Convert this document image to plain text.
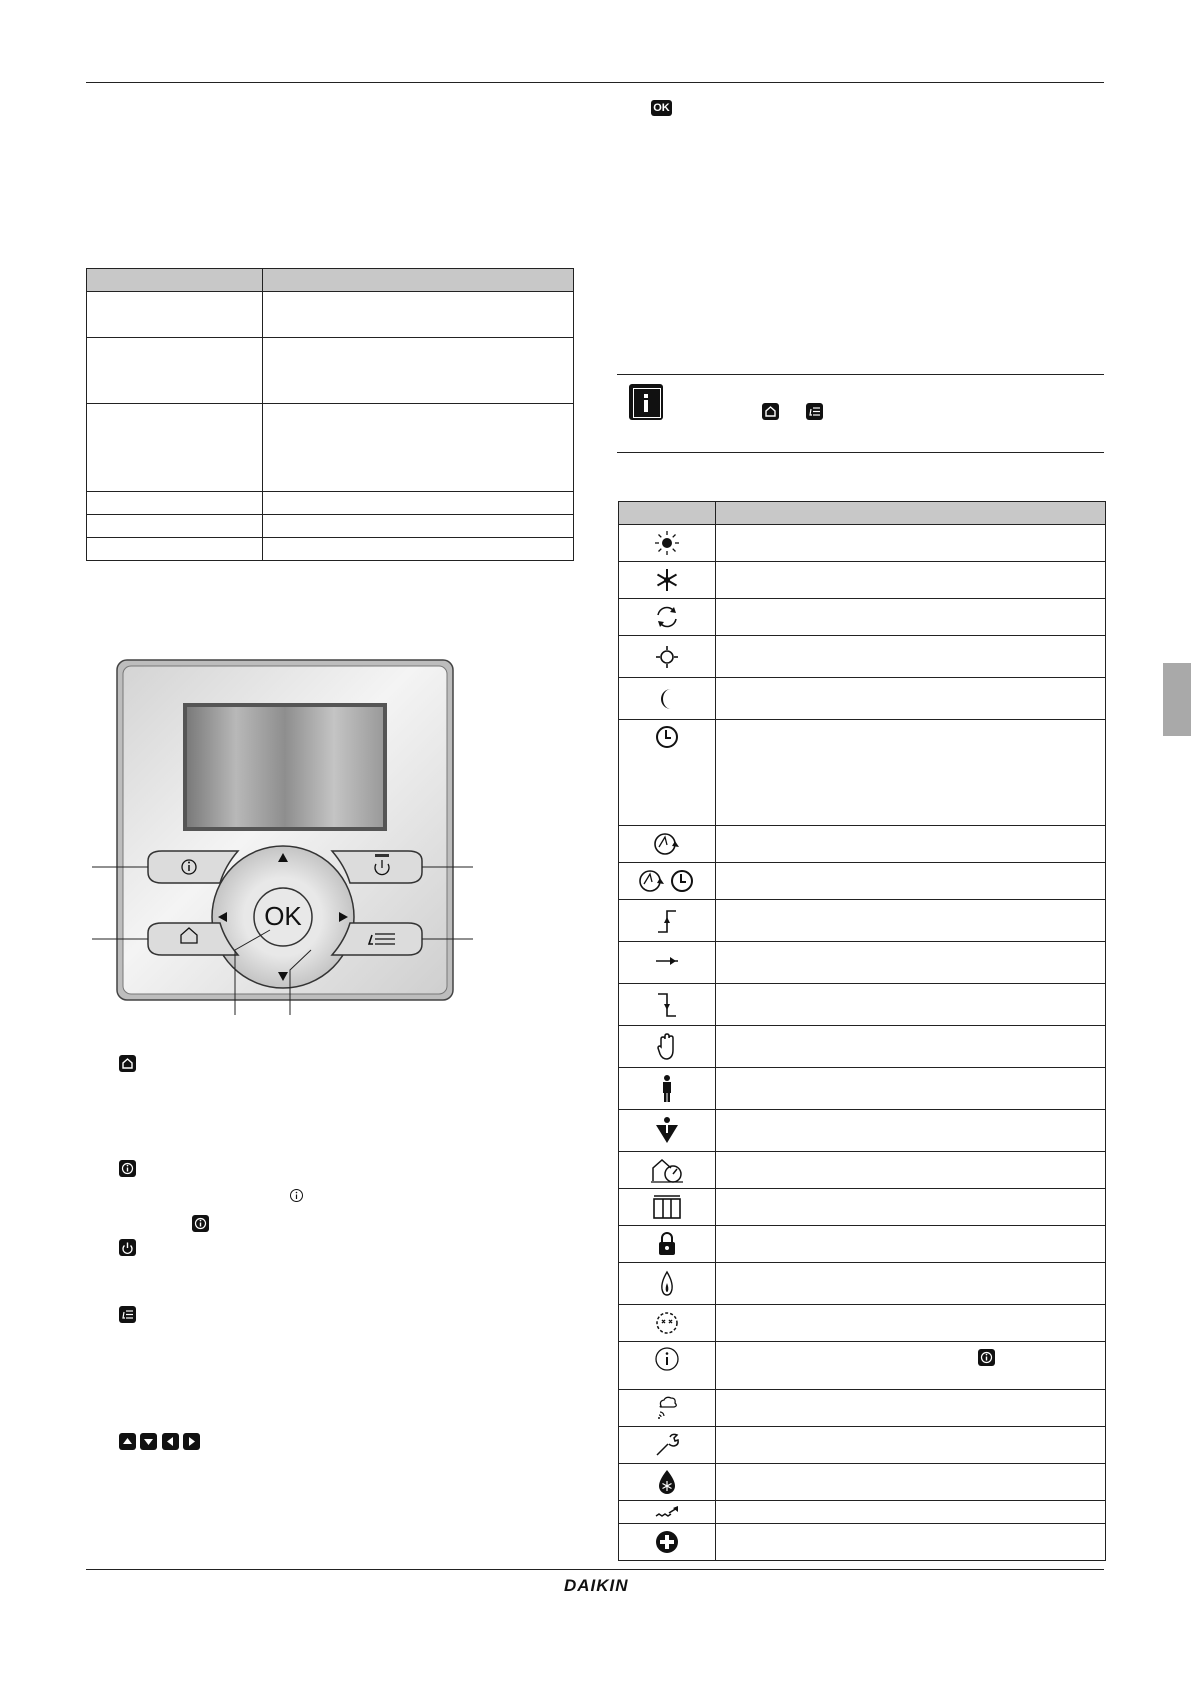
DAIKIN

OK

OK
